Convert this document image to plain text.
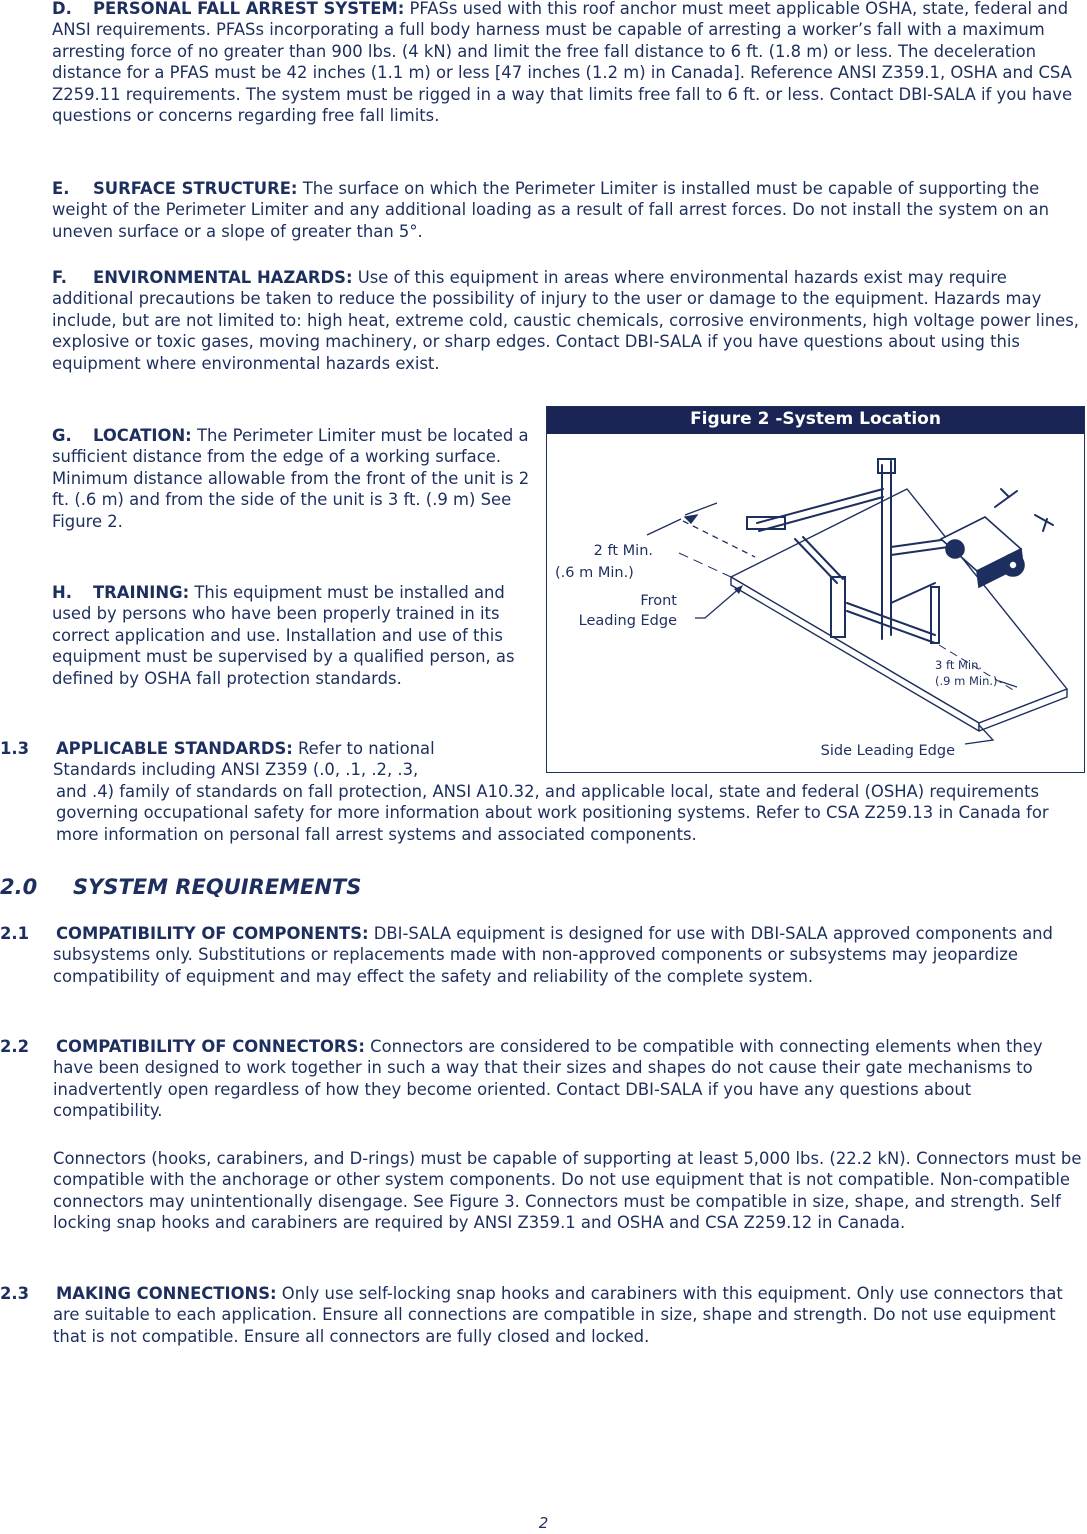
D. PERSONAL FALL ARREST SYSTEM: PFASs used with this roof anchor must meet applicable OSHA, state, federal and ANSI requirements. PFASs incorporating a full body harness must be capable of arresting a worker’s fall with a maximum arresting force of no greater than 900 lbs. (4 kN) and limit the free fall distance to 6 ft. (1.8 m) or less. The deceleration distance for a PFAS must be 42 inches (1.1 m) or less [47 inches (1.2 m) in Canada]. Reference ANSI Z359.1, OSHA and CSA Z259.11 requirements. The system must be rigged in a way that limits free fall to 6 ft. or less. Contact DBI-SALA if you have questions or concerns regarding free fall limits.

E. SURFACE STRUCTURE: The surface on which the Perimeter Limiter is installed must be capable of supporting the weight of the Perimeter Limiter and any additional loading as a result of fall arrest forces. Do not install the system on an uneven surface or a slope of greater than 5°.

F. ENVIRONMENTAL HAZARDS: Use of this equipment in areas where environmental hazards exist may require additional precautions be taken to reduce the possibility of injury to the user or damage to the equipment. Hazards may include, but are not limited to: high heat, extreme cold, caustic chemicals, corrosive environments, high voltage power lines, explosive or toxic gases, moving machinery, or sharp edges. Contact DBI-SALA if you have questions about using this equipment where environmental hazards exist.

G. LOCATION: The Perimeter Limiter must be located a sufficient distance from the edge of a working surface. Minimum distance allowable from the front of the unit is 2 ft. (.6 m) and from the side of the unit is 3 ft. (.9 m) See Figure 2.

H. TRAINING: This equipment must be installed and used by persons who have been properly trained in its correct application and use. Installation and use of this equipment must be supervised by a qualified person, as defined by OSHA fall protection standards.

1.3 APPLICABLE STANDARDS: Refer to national Standards including ANSI Z359 (.0, .1, .2, .3,

and .4) family of standards on fall protection, ANSI A10.32, and applicable local, state and federal (OSHA) requirements governing occupational safety for more information about work positioning systems. Refer to CSA Z259.13 in Canada for more information on personal fall arrest systems and associated components.

2.0 SYSTEM REQUIREMENTS

2.1 COMPATIBILITY OF COMPONENTS: DBI-SALA equipment is designed for use with DBI-SALA approved components and subsystems only. Substitutions or replacements made with non-approved components or subsystems may jeopardize compatibility of equipment and may effect the safety and reliability of the complete system.

2.2 COMPATIBILITY OF CONNECTORS: Connectors are considered to be compatible with connecting elements when they have been designed to work together in such a way that their sizes and shapes do not cause their gate mechanisms to inadvertently open regardless of how they become oriented. Contact DBI-SALA if you have any questions about compatibility.

Connectors (hooks, carabiners, and D-rings) must be capable of supporting at least 5,000 lbs. (22.2 kN). Connectors must be compatible with the anchorage or other system components. Do not use equipment that is not compatible. Non-compatible connectors may unintentionally disengage. See Figure 3. Connectors must be compatible in size, shape, and strength. Self locking snap hooks and carabiners are required by ANSI Z359.1 and OSHA and CSA Z259.12 in Canada.

2.3 MAKING CONNECTIONS: Only use self-locking snap hooks and carabiners with this equipment. Only use connectors that are suitable to each application. Ensure all connections are compatible in size, shape and strength. Do not use equipment that is not compatible. Ensure all connectors are fully closed and locked.

Figure 2 -System Location
2 ft Min.
(.6 m Min.)
Front
Leading Edge
3 ft Min.
(.9 m Min.)
Side Leading Edge
2
